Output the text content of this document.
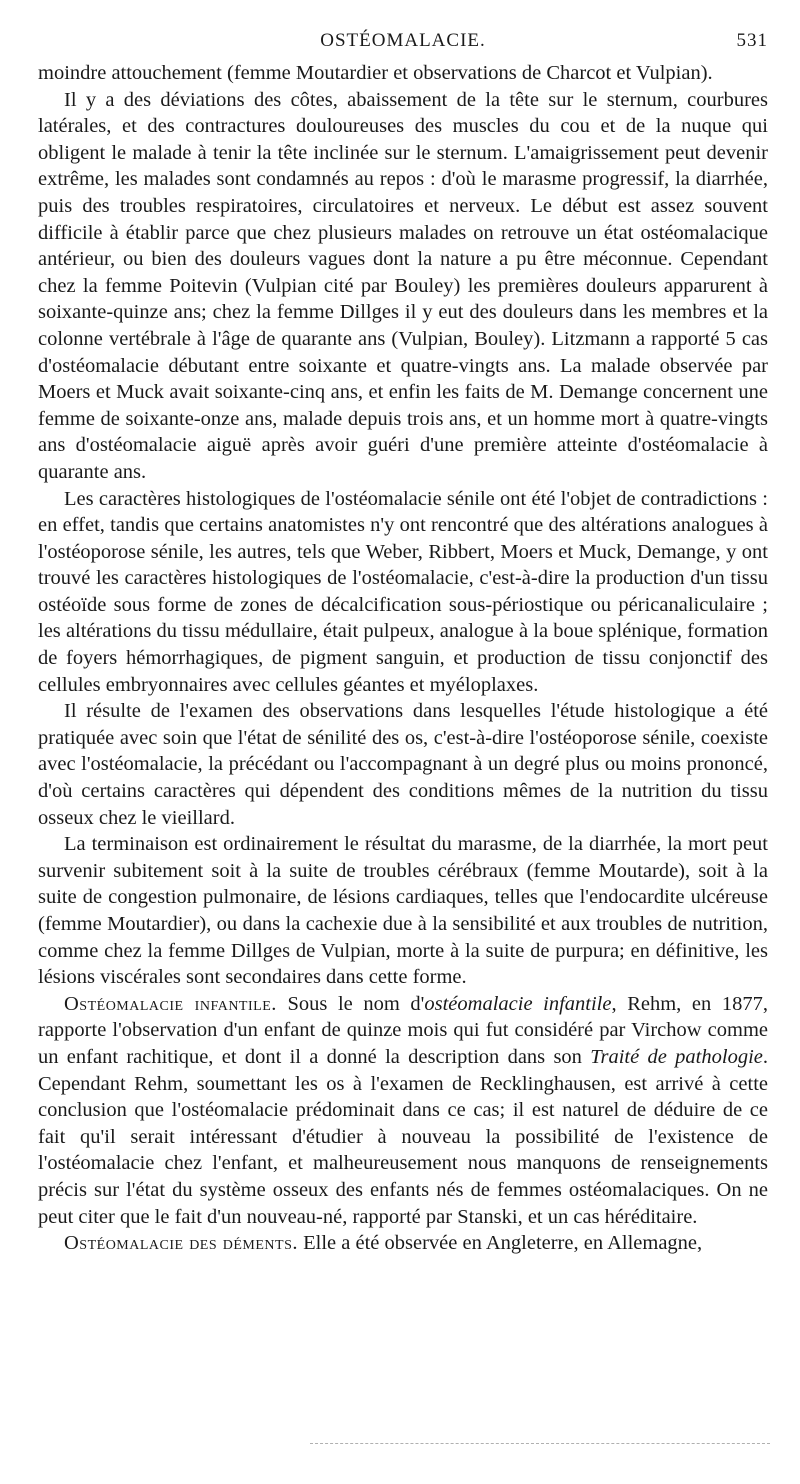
OSTÉOMALACIE.	531

moindre attouchement (femme Moutardier et observations de Charcot et Vulpian).

Il y a des déviations des côtes, abaissement de la tête sur le sternum, courbures latérales, et des contractures douloureuses des muscles du cou et de la nuque qui obligent le malade à tenir la tête inclinée sur le sternum. L'amaigrissement peut devenir extrême, les malades sont condamnés au repos : d'où le marasme progressif, la diarrhée, puis des troubles respiratoires, circulatoires et nerveux. Le début est assez souvent difficile à établir parce que chez plusieurs malades on retrouve un état ostéomalacique antérieur, ou bien des douleurs vagues dont la nature a pu être méconnue. Cependant chez la femme Poitevin (Vulpian cité par Bouley) les premières douleurs apparurent à soixante-quinze ans; chez la femme Dillges il y eut des douleurs dans les membres et la colonne vertébrale à l'âge de quarante ans (Vulpian, Bouley). Litzmann a rapporté 5 cas d'ostéomalacie débutant entre soixante et quatre-vingts ans. La malade observée par Moers et Muck avait soixante-cinq ans, et enfin les faits de M. Demange concernent une femme de soixante-onze ans, malade depuis trois ans, et un homme mort à quatre-vingts ans d'ostéomalacie aiguë après avoir guéri d'une première atteinte d'ostéomalacie à quarante ans.

Les caractères histologiques de l'ostéomalacie sénile ont été l'objet de contradictions : en effet, tandis que certains anatomistes n'y ont rencontré que des altérations analogues à l'ostéoporose sénile, les autres, tels que Weber, Ribbert, Moers et Muck, Demange, y ont trouvé les caractères histologiques de l'ostéomalacie, c'est-à-dire la production d'un tissu ostéoïde sous forme de zones de décalcification sous-périostique ou péricanaliculaire ; les altérations du tissu médullaire, était pulpeux, analogue à la boue splénique, formation de foyers hémorrhagiques, de pigment sanguin, et production de tissu conjonctif des cellules embryonnaires avec cellules géantes et myéloplaxes.

Il résulte de l'examen des observations dans lesquelles l'étude histologique a été pratiquée avec soin que l'état de sénilité des os, c'est-à-dire l'ostéoporose sénile, coexiste avec l'ostéomalacie, la précédant ou l'accompagnant à un degré plus ou moins prononcé, d'où certains caractères qui dépendent des conditions mêmes de la nutrition du tissu osseux chez le vieillard.

La terminaison est ordinairement le résultat du marasme, de la diarrhée, la mort peut survenir subitement soit à la suite de troubles cérébraux (femme Moutarde), soit à la suite de congestion pulmonaire, de lésions cardiaques, telles que l'endocardite ulcéreuse (femme Moutardier), ou dans la cachexie due à la sensibilité et aux troubles de nutrition, comme chez la femme Dillges de Vulpian, morte à la suite de purpura; en définitive, les lésions viscérales sont secondaires dans cette forme.

Ostéomalacie infantile. Sous le nom d'ostéomalacie infantile, Rehm, en 1877, rapporte l'observation d'un enfant de quinze mois qui fut considéré par Virchow comme un enfant rachitique, et dont il a donné la description dans son Traité de pathologie. Cependant Rehm, soumettant les os à l'examen de Recklinghausen, est arrivé à cette conclusion que l'ostéomalacie prédominait dans ce cas; il est naturel de déduire de ce fait qu'il serait intéressant d'étudier à nouveau la possibilité de l'existence de l'ostéomalacie chez l'enfant, et malheureusement nous manquons de renseignements précis sur l'état du système osseux des enfants nés de femmes ostéomalaciques. On ne peut citer que le fait d'un nouveau-né, rapporté par Stanski, et un cas héréditaire.

Ostéomalacie des déments. Elle a été observée en Angleterre, en Allemagne,
